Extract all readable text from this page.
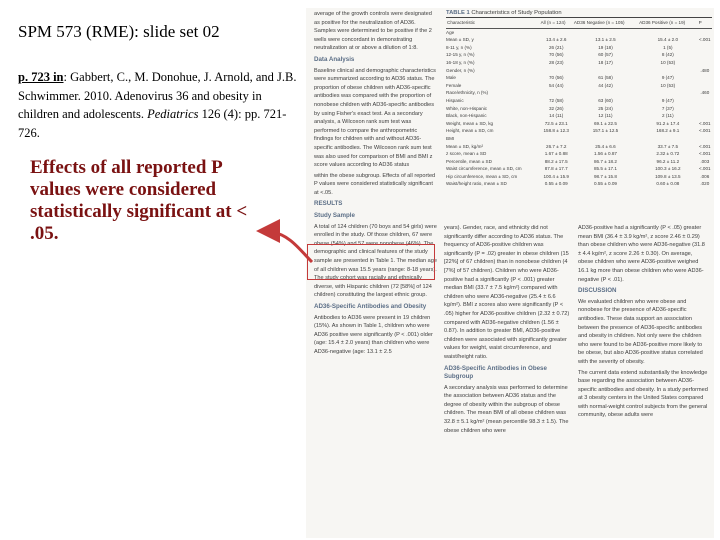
SPM 573 (RME): slide set 02
p. 723 in: Gabbert, C., M. Donohue, J. Arnold, and J.B. Schwimmer. 2010. Adenovirus 36 and obesity in children and adolescents. Pediatrics 126 (4): pp. 721-726.
Effects of all reported P values were considered statistically significant at < .05.

average of the growth controls were designated as positive for the neutralization of AD36. Samples were determined to be positive if the 2 wells were concordant in demonstrating neutralization at or above a dilution of 1:8.

Data Analysis

Baseline clinical and demographic characteristics were summarized according to AD36 status. The proportion of obese children with AD36-specific antibodies was compared with the proportion of nonobese children with AD36-specific antibodies by using Fisher's exact test. As a secondary analysis, a Wilcoxon rank sum test was performed to compare the anthropometric findings for children with and without AD36-specific antibodies. The Wilcoxon rank sum test was also used for comparison of BMI and BMI z score values according to AD36 status

within the obese subgroup. Effects of all reported P values were considered statistically significant at <.05.

RESULTS
Study Sample

A total of 124 children (70 boys and 54 girls) were enrolled in the study. Of those children, 67 were obese (54%) and 57 were nonobese (46%). The demographic and clinical features of the study sample are presented in Table 1. The median age of all children was 15.5 years (range: 8-18 years). The study cohort was racially and ethnically diverse, with Hispanic children (72 [58%] of 124 children) constituting the largest ethnic group.

AD36-Specific Antibodies and Obesity

Antibodies to AD36 were present in 19 children (15%). As shown in Table 1, children who were AD36 positive were significantly (P < .001) older (age: 15.4 ± 2.0 years) than children who were AD36-negative (age: 13.1 ± 2.5

TABLE 1 Characteristics of Study Population
Characteristic	All (n = 124)	AD36 Negative (n = 105)	AD36 Positive (n = 19)	P
Age				
Mean ± SD, y	13.4 ± 2.6	13.1 ± 2.5	15.4 ± 2.0	<.001
8-11 y, n (%)	26 (21)	19 (18)	1 (5)	
12-15 y, n (%)	70 (56)	60 (57)	8 (42)	
16-18 y, n (%)	28 (23)	18 (17)	10 (53)	
Gender, n (%)				.480
Male	70 (56)	61 (58)	9 (47)	
Female	54 (44)	44 (42)	10 (53)	
Race/ethnicity, n (%)				.460
Hispanic	72 (58)	63 (60)	9 (47)	
White, non-Hispanic	32 (26)	25 (24)	7 (37)	
Black, non-Hispanic	14 (11)	12 (11)	2 (11)	
Weight, mean ± SD, kg	72.5 ± 23.1	69.1 ± 22.5	91.2 ± 17.4	<.001
Height, mean ± SD, cm	158.8 ± 12.3	157.1 ± 12.5	168.2 ± 9.1	<.001
BMI				
Mean ± SD, kg/m²	26.7 ± 7.2	25.4 ± 6.6	33.7 ± 7.5	<.001
z score, mean ± SD	1.67 ± 0.88	1.56 ± 0.87	2.32 ± 0.72	<.001
Percentile, mean ± SD	88.2 ± 17.5	86.7 ± 18.2	96.2 ± 11.2	.003
Waist circumference, mean ± SD, cm	87.8 ± 17.7	85.5 ± 17.1	100.3 ± 16.2	<.001
Hip circumference, mean ± SD, cm	100.4 ± 15.9	98.7 ± 15.8	109.8 ± 13.5	.006
Waist/height ratio, mean ± SD	0.55 ± 0.09	0.55 ± 0.09	0.60 ± 0.08	.020

years). Gender, race, and ethnicity did not significantly differ according to AD36 status. The frequency of AD36-positive children was significantly (P = .02) greater in obese children (15 [22%] of 67 children) than in nonobese children (4 [7%] of 57 children). Children who were AD36-positive had a significantly (P < .001) greater median BMI (33.7 ± 7.5 kg/m²) compared with children who were AD36-negative (25.4 ± 6.6 kg/m²). BMI z scores also were significantly (P < .05) higher for AD36-positive children (2.32 ± 0.72) compared with AD36-negative children (1.56 ± 0.87). In addition to greater BMI, AD36-positive children were associated with significantly greater values for weight, waist circumference, and waist/height ratio.

AD36-Specific Antibodies in Obese Subgroup

A secondary analysis was performed to determine the association between AD36 status and the degree of obesity within the subgroup of obese children. The mean BMI of all obese children was 32.8 ± 5.1 kg/m² (mean percentile 98.3 ± 1.5). The obese children who were

AD36-positive had a significantly (P < .05) greater mean BMI (36.4 ± 3.9 kg/m², z score 2.46 ± 0.29) than obese children who were AD36-negative (31.8 ± 4.4 kg/m², z score 2.26 ± 0.30). On average, obese children who were AD36-positive weighed 16.1 kg more than obese children who were AD36-negative (P < .01).

DISCUSSION

We evaluated children who were obese and nonobese for the presence of AD36-specific antibodies. These data support an association between the presence of AD36-specific antibodies and obesity in children. Not only were the children who were found to be AD36-positive more likely to be obese, but also AD36-positive status correlated with the severity of obesity.

The current data extend substantially the knowledge base regarding the association between AD36-specific antibodies and obesity. In a study performed at 3 obesity centers in the United States compared with normal-weight control subjects from the general community, obese adults were
